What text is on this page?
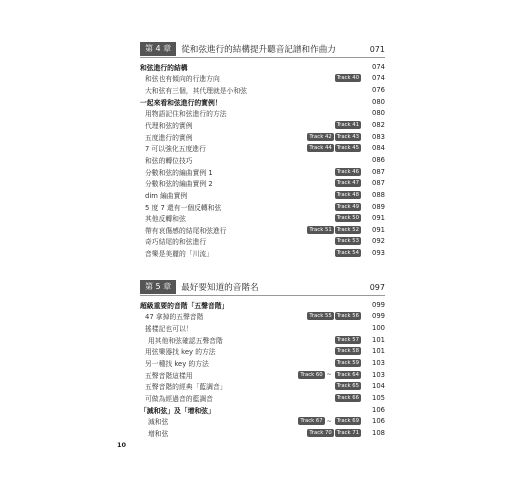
第 4 章	從和弦進行的結構提升聽音記譜和作曲力	071
和弦進行的結構	074
和弦也有傾向的行進方向	Track 40	074
大和弦有三個，其代理就是小和弦	076
一起來看和弦進行的實例！	080
用物語記住和弦進行的方法	080
代理和弦的實例	Track 41	082
五度進行的實例	Track 42 Track 43	083
7 可以強化五度進行	Track 44 Track 45	084
和弦的轉位技巧	086
分數和弦的編曲實例 1	Track 46	087
分數和弦的編曲實例 2	Track 47	087
dim 編曲實例	Track 48	088
5 度 7 還有一個反轉和弦	Track 49	089
其他反轉和弦	Track 50	091
帶有哀傷感的結尾和弦進行	Track 51 Track 52	091
奇巧結尾的和弦進行	Track 53	092
音樂是美麗的「川流」	Track 54	093
第 5 章	最好要知道的音階名	097
超級重要的音階「五聲音階」	099
47 拿掉的五聲音階	Track 55 Track 56	099
搖樣記也可以！	100
用其他和弦確認五聲音階	Track 57	101
用弦樂器找 key 的方法	Track 58	101
另一種找 key 的方法	Track 59	103
五聲音階這樣用	Track 60 ~ Track 64	103
五聲音階的經典「藍調音」	Track 65	104
可做為經過音的藍調音	Track 66	105
「減和弦」及「增和弦」	106
減和弦	Track 67 ~ Track 69	106
增和弦	Track 70 Track 71	108
10
